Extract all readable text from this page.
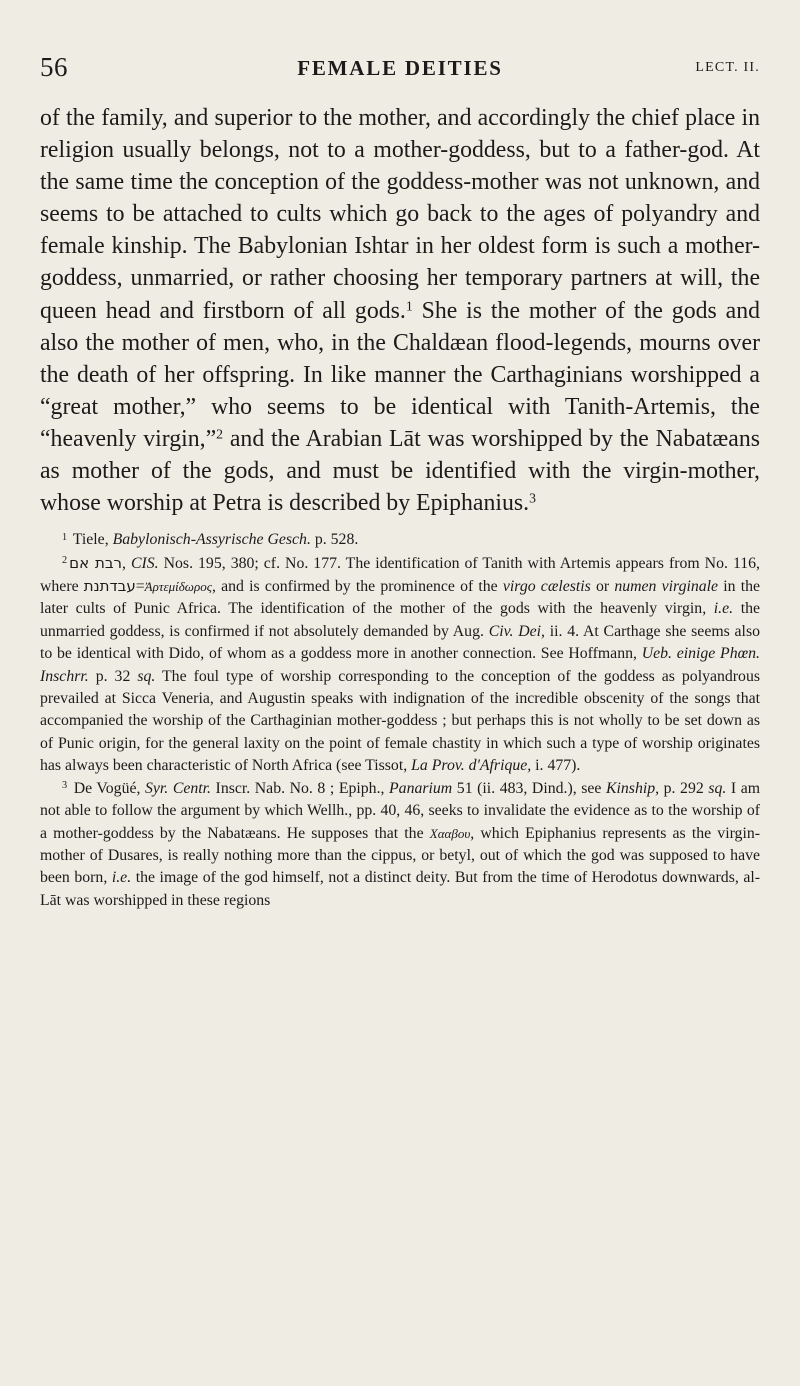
56	FEMALE DEITIES	LECT. II.

of the family, and superior to the mother, and accordingly the chief place in religion usually belongs, not to a mother-goddess, but to a father-god. At the same time the conception of the goddess-mother was not unknown, and seems to be attached to cults which go back to the ages of polyandry and female kinship. The Babylonian Ishtar in her oldest form is such a mother-goddess, unmarried, or rather choosing her temporary partners at will, the queen head and firstborn of all gods.$^1$ She is the mother of the gods and also the mother of men, who, in the Chaldæan flood-legends, mourns over the death of her offspring. In like manner the Carthaginians worshipped a “great mother,” who seems to be identical with Tanith-Artemis, the “heavenly virgin,”$^2$ and the Arabian Lāt was worshipped by the Nabatæans as mother of the gods, and must be identified with the virgin-mother, whose worship at Petra is described by Epiphanius.$^3$

$^1$ Tiele, Babylonisch-Assyrische Gesch. p. 528.

$^2$ רבת אם, CIS. Nos. 195, 380; cf. No. 177. The identification of Tanith with Artemis appears from No. 116, where עבדתנת=Ἀρτεμίδωρος, and is confirmed by the prominence of the virgo cælestis or numen virginale in the later cults of Punic Africa. The identification of the mother of the gods with the heavenly virgin, i.e. the unmarried goddess, is confirmed if not absolutely demanded by Aug. Civ. Dei, ii. 4. At Carthage she seems also to be identical with Dido, of whom as a goddess more in another connection. See Hoffmann, Ueb. einige Phœn. Inschrr. p. 32 sq. The foul type of worship corresponding to the conception of the goddess as polyandrous prevailed at Sicca Veneria, and Augustin speaks with indignation of the incredible obscenity of the songs that accompanied the worship of the Carthaginian mother-goddess ; but perhaps this is not wholly to be set down as of Punic origin, for the general laxity on the point of female chastity in which such a type of worship originates has always been characteristic of North Africa (see Tissot, La Prov. d'Afrique, i. 477).

$^3$ De Vogüé, Syr. Centr. Inscr. Nab. No. 8 ; Epiph., Panarium 51 (ii. 483, Dind.), see Kinship, p. 292 sq. I am not able to follow the argument by which Wellh., pp. 40, 46, seeks to invalidate the evidence as to the worship of a mother-goddess by the Nabatæans. He supposes that the Χααβου, which Epiphanius represents as the virgin-mother of Dusares, is really nothing more than the cippus, or betyl, out of which the god was supposed to have been born, i.e. the image of the god himself, not a distinct deity. But from the time of Herodotus downwards, al-Lāt was worshipped in these regions
